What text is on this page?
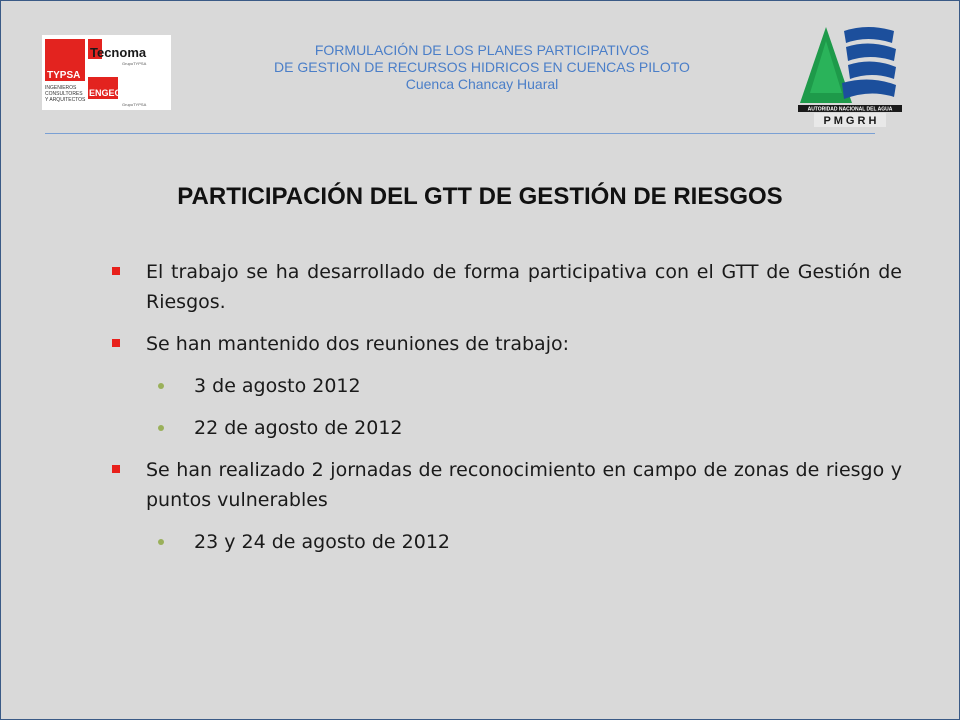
TYPSA
INGENIEROS
CONSULTORES
Y ARQUITECTOS
Tecnoma
GrupoTYPSA
ENGECORPS
GrupoTYPSA
FORMULACIÓN DE LOS PLANES PARTICIPATIVOS
DE GESTION DE RECURSOS HIDRICOS EN CUENCAS PILOTO
Cuenca Chancay Huaral
AUTORIDAD NACIONAL DEL AGUA
P M G R H
PARTICIPACIÓN DEL GTT DE GESTIÓN DE RIESGOS
El trabajo se ha desarrollado de forma participativa con el GTT de Gestión de Riesgos.
Se han mantenido dos reuniones de trabajo:
3 de agosto 2012
22 de agosto de 2012
Se han realizado 2 jornadas de reconocimiento en campo de zonas de riesgo y puntos vulnerables
23 y 24 de agosto de 2012
